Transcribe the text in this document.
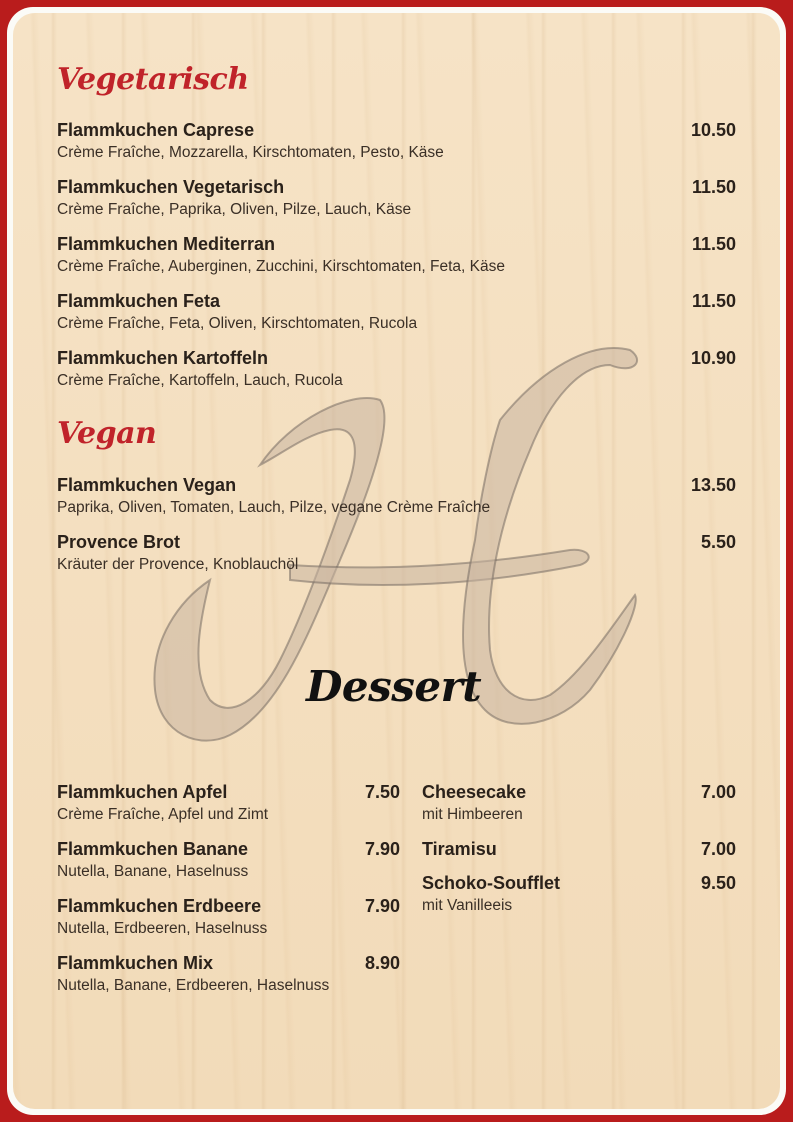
Vegetarisch
Flammkuchen Caprese
Crème Fraîche, Mozzarella, Kirschtomaten, Pesto, Käse
10.50
Flammkuchen Vegetarisch
Crème Fraîche, Paprika, Oliven, Pilze, Lauch, Käse
11.50
Flammkuchen Mediterran
Crème Fraîche, Auberginen, Zucchini, Kirschtomaten, Feta, Käse
11.50
Flammkuchen Feta
Crème Fraîche, Feta, Oliven, Kirschtomaten, Rucola
11.50
Flammkuchen Kartoffeln
Crème Fraîche, Kartoffeln, Lauch, Rucola
10.90
Vegan
Flammkuchen Vegan
Paprika, Oliven, Tomaten, Lauch, Pilze, vegane Crème Fraîche
13.50
Provence Brot
Kräuter der Provence, Knoblauchöl
5.50
Dessert
Flammkuchen Apfel
Crème Fraîche, Apfel und Zimt
7.50
Flammkuchen Banane
Nutella, Banane, Haselnuss
7.90
Flammkuchen Erdbeere
Nutella, Erdbeeren, Haselnuss
7.90
Flammkuchen Mix
Nutella, Banane, Erdbeeren, Haselnuss
8.90
Cheesecake
mit Himbeeren
7.00
Tiramisu	7.00
Schoko-Soufflet
mit Vanilleeis
9.50
